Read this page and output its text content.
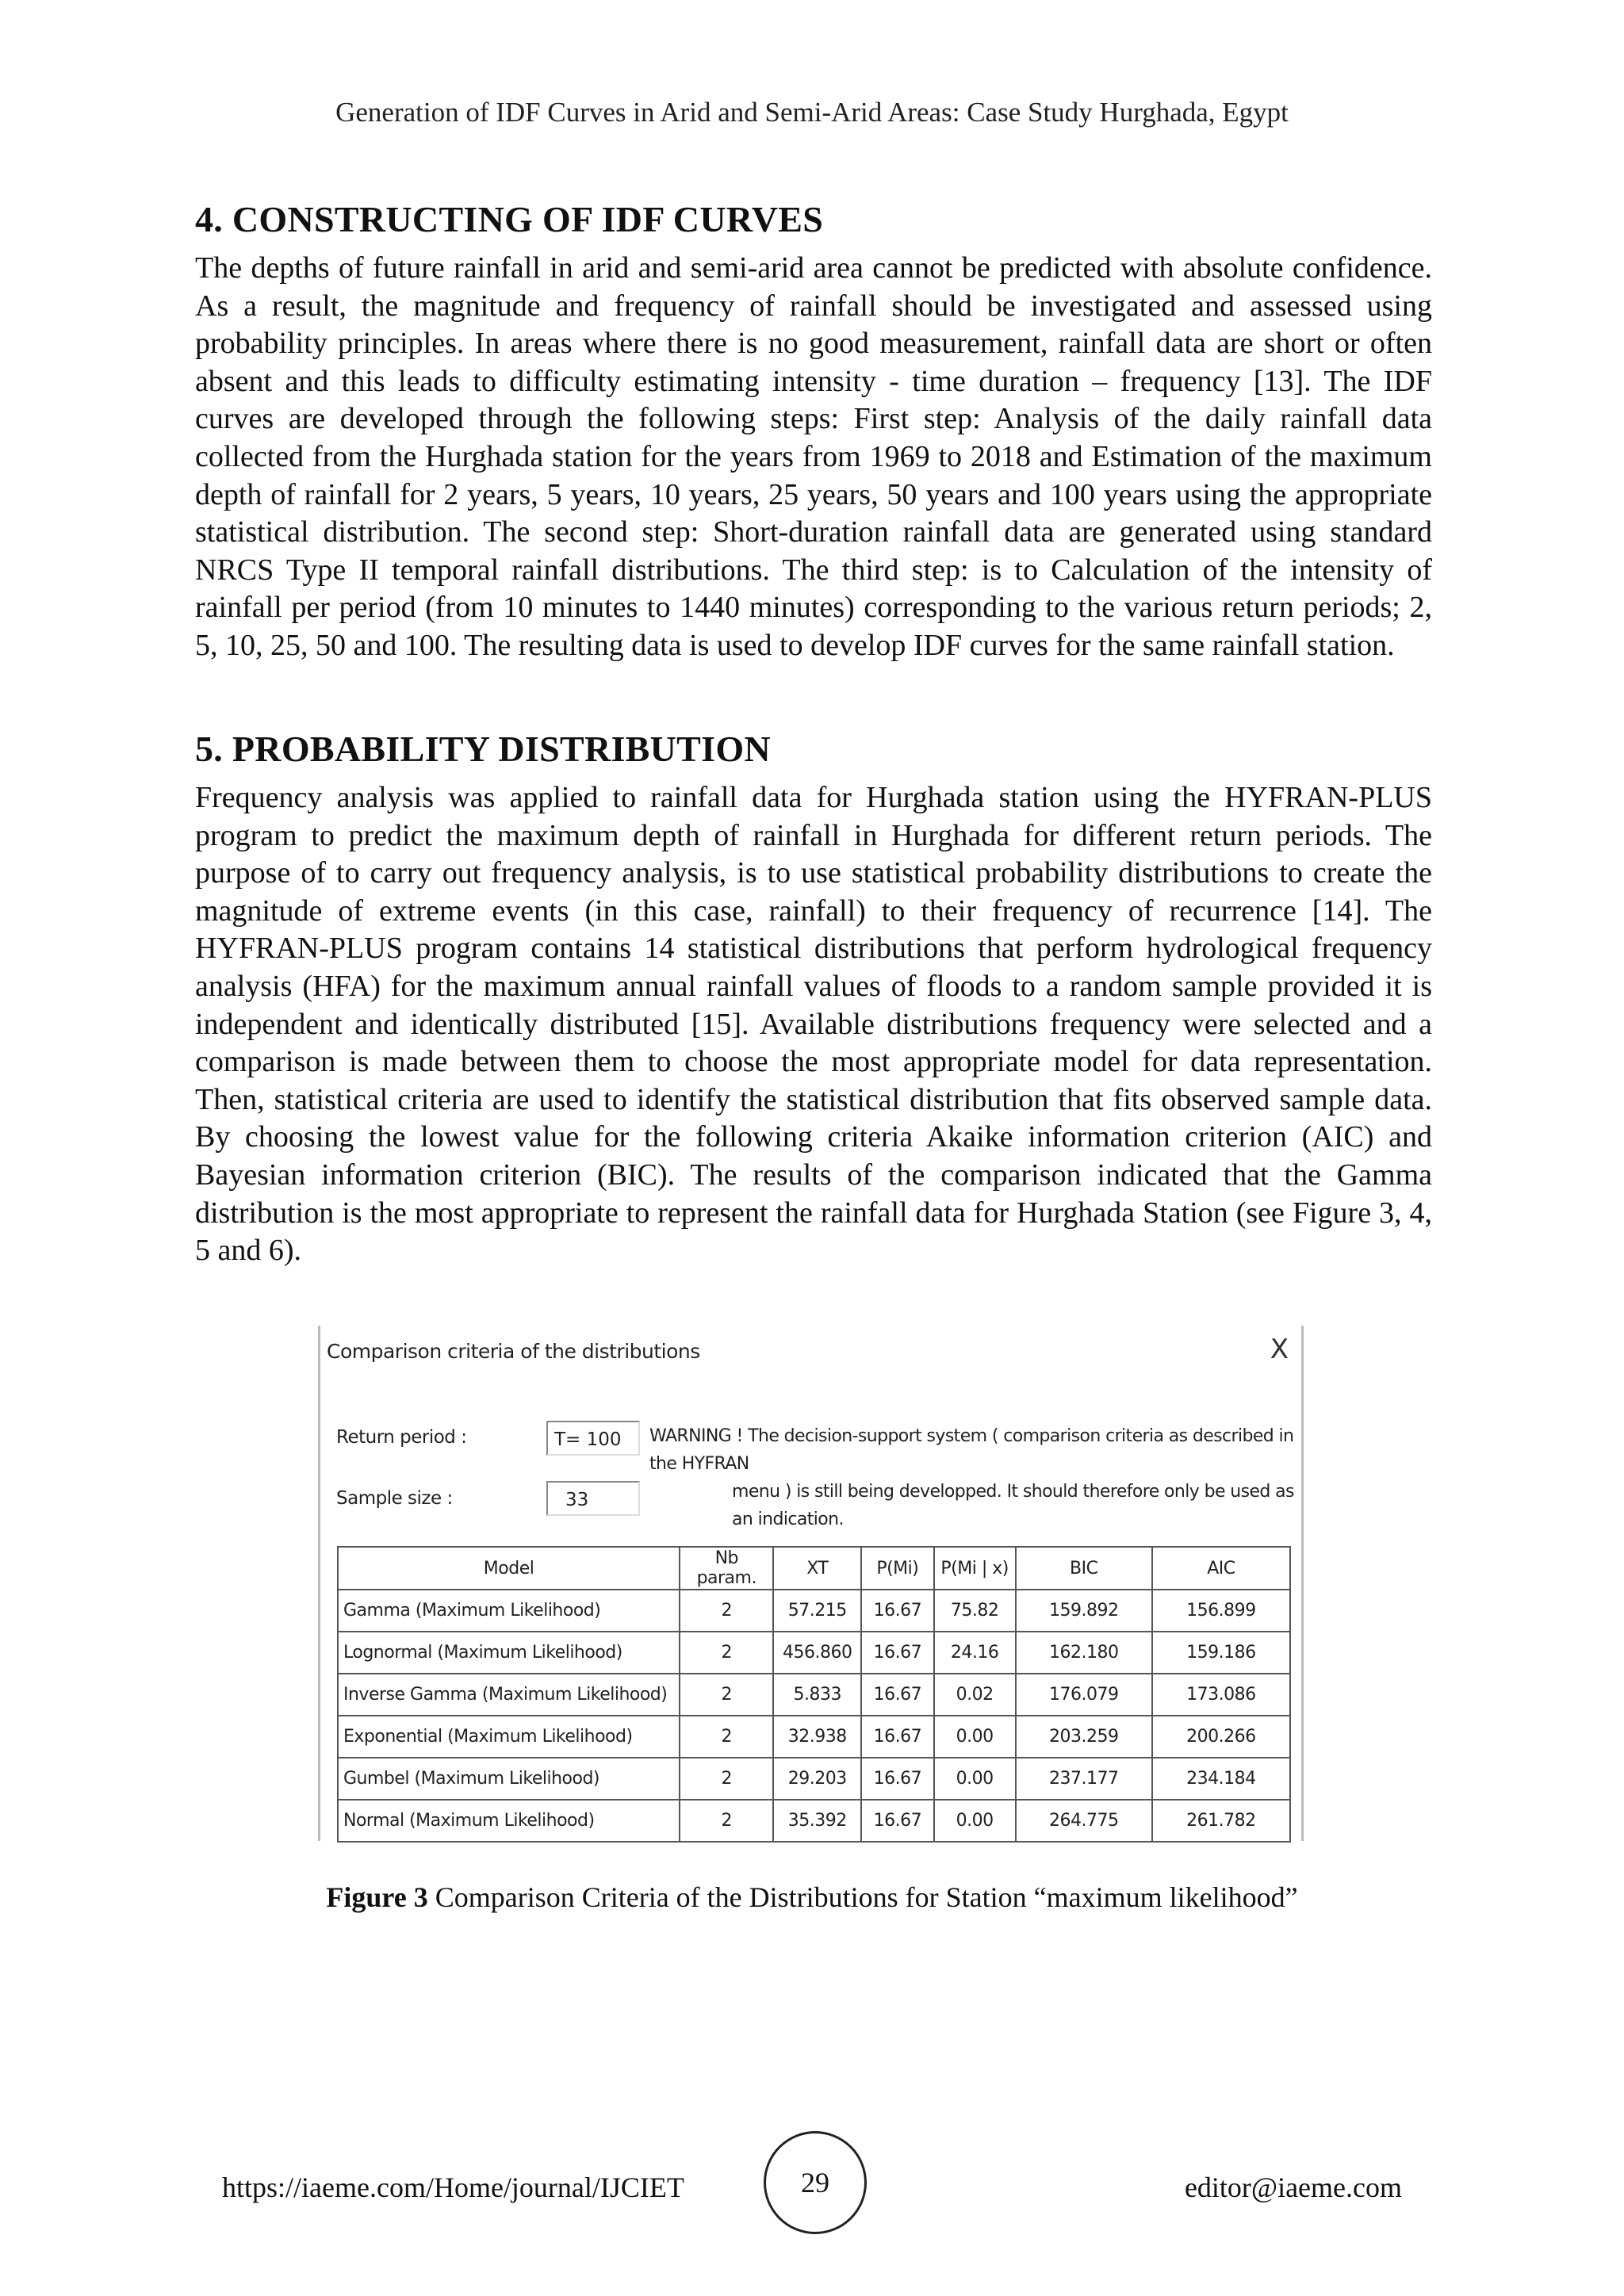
Generation of IDF Curves in Arid and Semi-Arid Areas: Case Study Hurghada, Egypt
4. CONSTRUCTING OF IDF CURVES

The depths of future rainfall in arid and semi-arid area cannot be predicted with absolute confidence. As a result, the magnitude and frequency of rainfall should be investigated and assessed using probability principles. In areas where there is no good measurement, rainfall data are short or often absent and this leads to difficulty estimating intensity - time duration – frequency [13]. The IDF curves are developed through the following steps: First step: Analysis of the daily rainfall data collected from the Hurghada station for the years from 1969 to 2018 and Estimation of the maximum depth of rainfall for 2 years, 5 years, 10 years, 25 years, 50 years and 100 years using the appropriate statistical distribution. The second step: Short-duration rainfall data are generated using standard NRCS Type II temporal rainfall distributions. The third step: is to Calculation of the intensity of rainfall per period (from 10 minutes to 1440 minutes) corresponding to the various return periods; 2, 5, 10, 25, 50 and 100. The resulting data is used to develop IDF curves for the same rainfall station.

5. PROBABILITY DISTRIBUTION

Frequency analysis was applied to rainfall data for Hurghada station using the HYFRAN-PLUS program to predict the maximum depth of rainfall in Hurghada for different return periods. The purpose of to carry out frequency analysis, is to use statistical probability distributions to create the magnitude of extreme events (in this case, rainfall) to their frequency of recurrence [14]. The HYFRAN-PLUS program contains 14 statistical distributions that perform hydrological frequency analysis (HFA) for the maximum annual rainfall values of floods to a random sample provided it is independent and identically distributed [15]. Available distributions frequency were selected and a comparison is made between them to choose the most appropriate model for data representation. Then, statistical criteria are used to identify the statistical distribution that fits observed sample data. By choosing the lowest value for the following criteria Akaike information criterion (AIC) and Bayesian information criterion (BIC). The results of the comparison indicated that the Gamma distribution is the most appropriate to represent the rainfall data for Hurghada Station (see Figure 3, 4, 5 and 6).

Comparison criteria of the distributions	X
Return period :	T= 100
Sample size :	33
WARNING ! The decision-support system ( comparison criteria as described in the HYFRAN
menu ) is still being developped. It should therefore only be used as an indication.
Model	Nb param.	XT	P(Mi)	P(Mi | x)	BIC	AIC
Gamma (Maximum Likelihood)	2	57.215	16.67	75.82	159.892	156.899
Lognormal (Maximum Likelihood)	2	456.860	16.67	24.16	162.180	159.186
Inverse Gamma (Maximum Likelihood)	2	5.833	16.67	0.02	176.079	173.086
Exponential (Maximum Likelihood)	2	32.938	16.67	0.00	203.259	200.266
Gumbel (Maximum Likelihood)	2	29.203	16.67	0.00	237.177	234.184
Normal (Maximum Likelihood)	2	35.392	16.67	0.00	264.775	261.782
Figure 3 Comparison Criteria of the Distributions for Station “maximum likelihood”
https://iaeme.com/Home/journal/IJCIET	29	editor@iaeme.com
